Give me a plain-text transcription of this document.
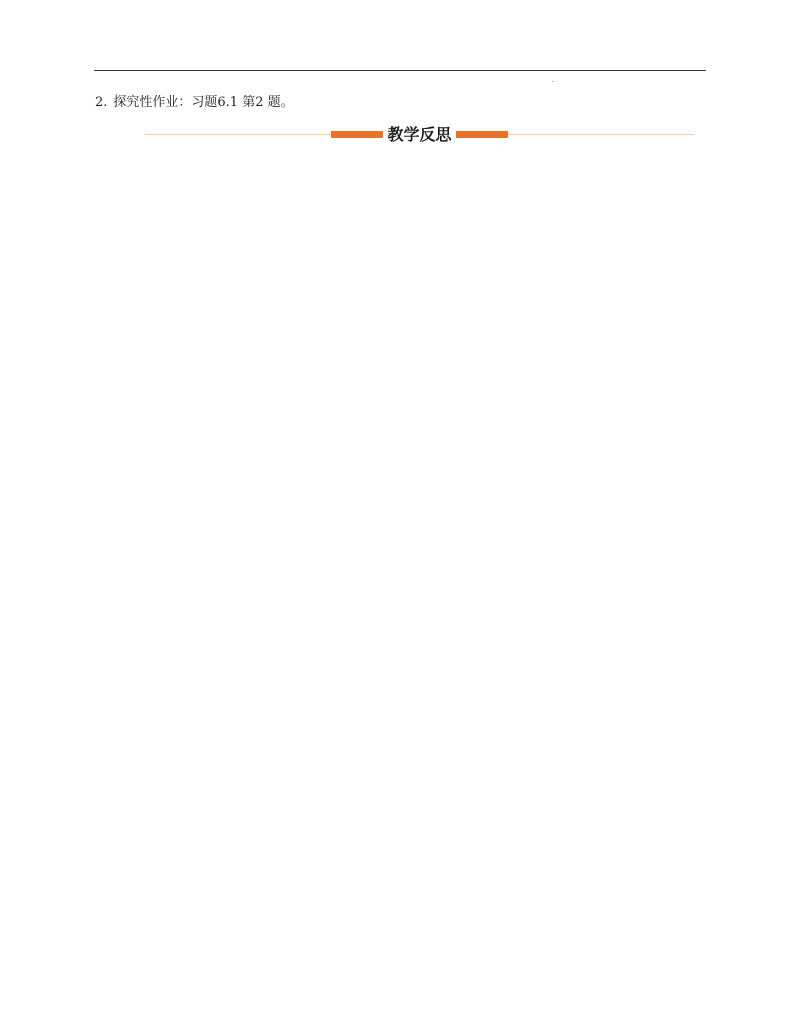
2. 探究性作业：习题6.1 第2 题。
教学反思
